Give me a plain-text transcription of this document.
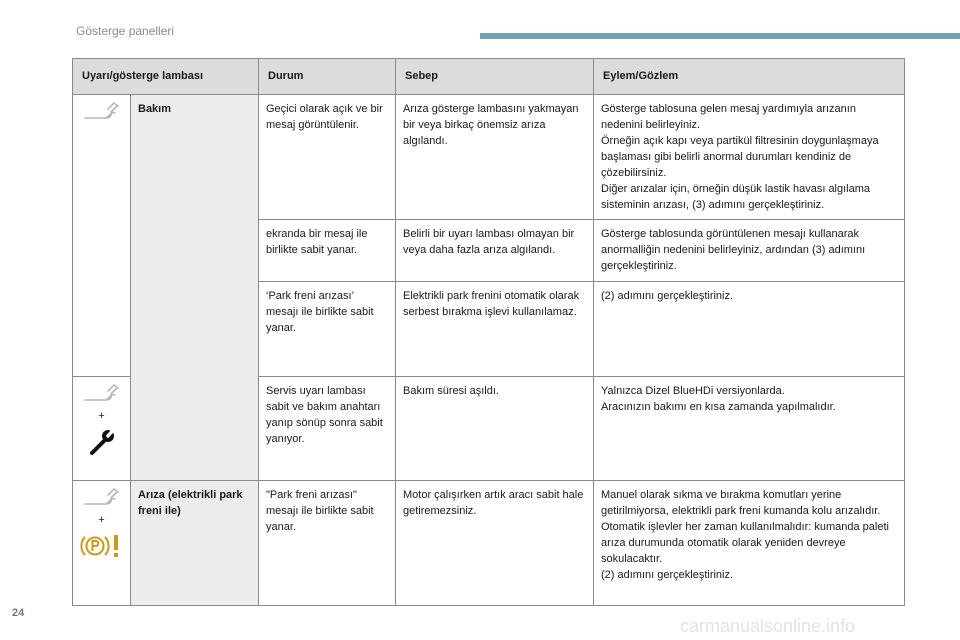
Gösterge panelleri
Uyarı/gösterge lambası		Durum	Sebep	Eylem/Gözlem

	Bakım	Geçici olarak açık ve bir mesaj görüntülenir.	Arıza gösterge lambasını yakmayan bir veya birkaç önemsiz arıza algılandı.	Gösterge tablosuna gelen mesaj yardımıyla arızanın nedenini belirleyiniz.
Örneğin açık kapı veya partikül filtresinin doygunlaşmaya başlaması gibi belirli anormal durumları kendiniz de çözebilirsiniz.
Diğer arızalar için, örneğin düşük lastik havası algılama sisteminin arızası, (3) adımını gerçekleştiriniz.

		ekranda bir mesaj ile birlikte sabit yanar.	Belirli bir uyarı lambası olmayan bir veya daha fazla arıza algılandı.	Gösterge tablosunda görüntülenen mesajı kullanarak anormalliğin nedenini belirleyiniz, ardından (3) adımını gerçekleştiriniz.

		‘Park freni arızası’ mesajı ile birlikte sabit yanar.	Elektrikli park frenini otomatik olarak serbest bırakma işlevi kullanılamaz.	(2) adımını gerçekleştiriniz.

+		Servis uyarı lambası sabit ve bakım anahtarı yanıp sönüp sonra sabit yanıyor.	Bakım süresi aşıldı.	Yalnızca Dizel BlueHDi versiyonlarda.
Aracınızın bakımı en kısa zamanda yapılmalıdır.

+	Arıza (elektrikli park freni ile)	"Park freni arızası" mesajı ile birlikte sabit yanar.	Motor çalışırken artık aracı sabit hale getiremezsiniz.	Manuel olarak sıkma ve bırakma komutları yerine getirilmiyorsa, elektrikli park freni kumanda kolu arızalıdır.
Otomatik işlevler her zaman kullanılmalıdır: kumanda paleti arıza durumunda otomatik olarak yeniden devreye sokulacaktır.
(2) adımını gerçekleştiriniz.
24
carmanualsonline.info
